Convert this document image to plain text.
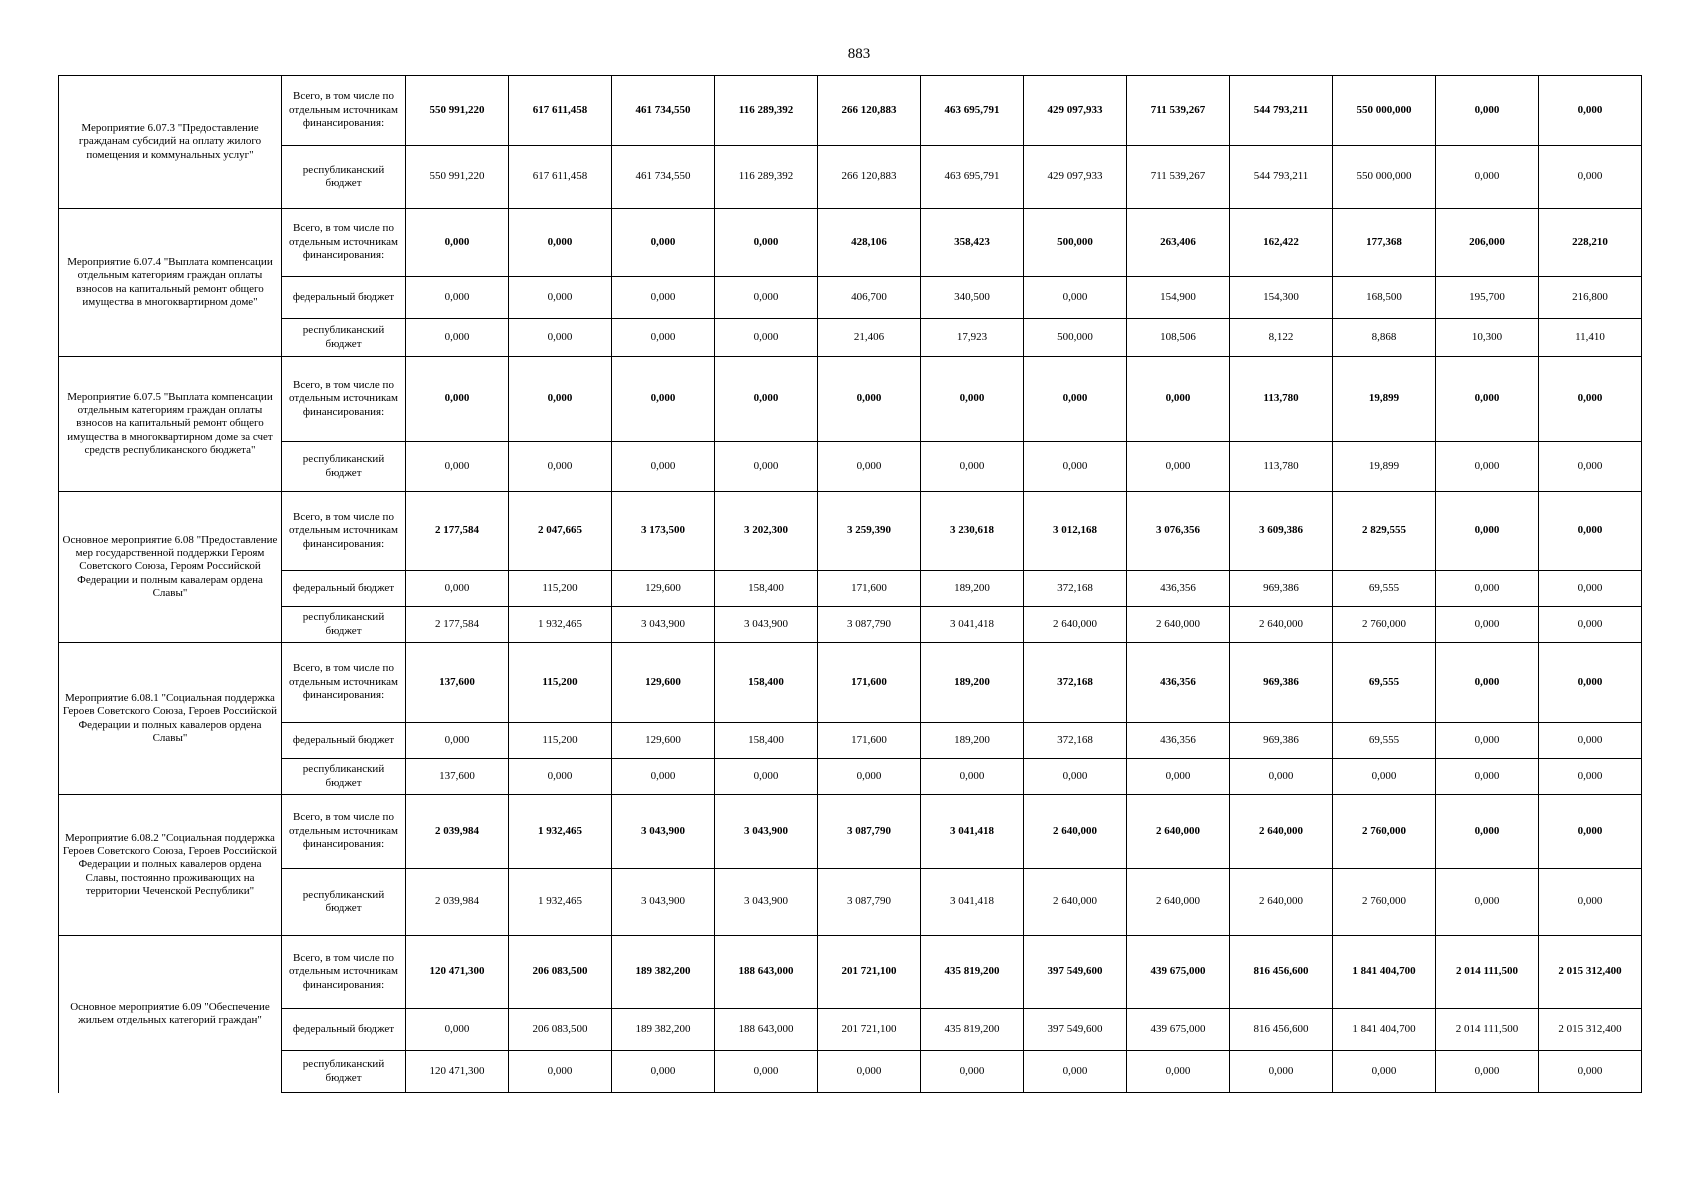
883
Мероприятие 6.07.3 "Предоставление гражданам субсидий на оплату жилого помещения и коммунальных услуг"	Всего, в том числе по отдельным источникам финансирования:	550 991,220	617 611,458	461 734,550	116 289,392	266 120,883	463 695,791	429 097,933	711 539,267	544 793,211	550 000,000	0,000	0,000
	республиканский бюджет	550 991,220	617 611,458	461 734,550	116 289,392	266 120,883	463 695,791	429 097,933	711 539,267	544 793,211	550 000,000	0,000	0,000
Мероприятие 6.07.4 "Выплата компенсации отдельным категориям граждан оплаты взносов на капитальный ремонт общего имущества в многоквартирном доме"	Всего, в том числе по отдельным источникам финансирования:	0,000	0,000	0,000	0,000	428,106	358,423	500,000	263,406	162,422	177,368	206,000	228,210
	федеральный бюджет	0,000	0,000	0,000	0,000	406,700	340,500	0,000	154,900	154,300	168,500	195,700	216,800
	республиканский бюджет	0,000	0,000	0,000	0,000	21,406	17,923	500,000	108,506	8,122	8,868	10,300	11,410
Мероприятие 6.07.5 "Выплата компенсации отдельным категориям граждан оплаты взносов на капитальный ремонт общего имущества в многоквартирном доме за счет средств республиканского бюджета"	Всего, в том числе по отдельным источникам финансирования:	0,000	0,000	0,000	0,000	0,000	0,000	0,000	0,000	113,780	19,899	0,000	0,000
	республиканский бюджет	0,000	0,000	0,000	0,000	0,000	0,000	0,000	0,000	113,780	19,899	0,000	0,000
Основное мероприятие 6.08 "Предоставление мер государственной поддержки Героям Советского Союза, Героям Российской Федерации и полным кавалерам ордена Славы"	Всего, в том числе по отдельным источникам финансирования:	2 177,584	2 047,665	3 173,500	3 202,300	3 259,390	3 230,618	3 012,168	3 076,356	3 609,386	2 829,555	0,000	0,000
	федеральный бюджет	0,000	115,200	129,600	158,400	171,600	189,200	372,168	436,356	969,386	69,555	0,000	0,000
	республиканский бюджет	2 177,584	1 932,465	3 043,900	3 043,900	3 087,790	3 041,418	2 640,000	2 640,000	2 640,000	2 760,000	0,000	0,000
Мероприятие 6.08.1 "Социальная поддержка Героев Советского Союза, Героев Российской Федерации и полных кавалеров ордена Славы"	Всего, в том числе по отдельным источникам финансирования:	137,600	115,200	129,600	158,400	171,600	189,200	372,168	436,356	969,386	69,555	0,000	0,000
	федеральный бюджет	0,000	115,200	129,600	158,400	171,600	189,200	372,168	436,356	969,386	69,555	0,000	0,000
	республиканский бюджет	137,600	0,000	0,000	0,000	0,000	0,000	0,000	0,000	0,000	0,000	0,000	0,000
Мероприятие 6.08.2 "Социальная поддержка Героев Советского Союза, Героев Российской Федерации и полных кавалеров ордена Славы, постоянно проживающих на территории Чеченской Республики"	Всего, в том числе по отдельным источникам финансирования:	2 039,984	1 932,465	3 043,900	3 043,900	3 087,790	3 041,418	2 640,000	2 640,000	2 640,000	2 760,000	0,000	0,000
	республиканский бюджет	2 039,984	1 932,465	3 043,900	3 043,900	3 087,790	3 041,418	2 640,000	2 640,000	2 640,000	2 760,000	0,000	0,000
Основное мероприятие 6.09 "Обеспечение жильем отдельных категорий граждан"	Всего, в том числе по отдельным источникам финансирования:	120 471,300	206 083,500	189 382,200	188 643,000	201 721,100	435 819,200	397 549,600	439 675,000	816 456,600	1 841 404,700	2 014 111,500	2 015 312,400
	федеральный бюджет	0,000	206 083,500	189 382,200	188 643,000	201 721,100	435 819,200	397 549,600	439 675,000	816 456,600	1 841 404,700	2 014 111,500	2 015 312,400
	республиканский бюджет	120 471,300	0,000	0,000	0,000	0,000	0,000	0,000	0,000	0,000	0,000	0,000	0,000
